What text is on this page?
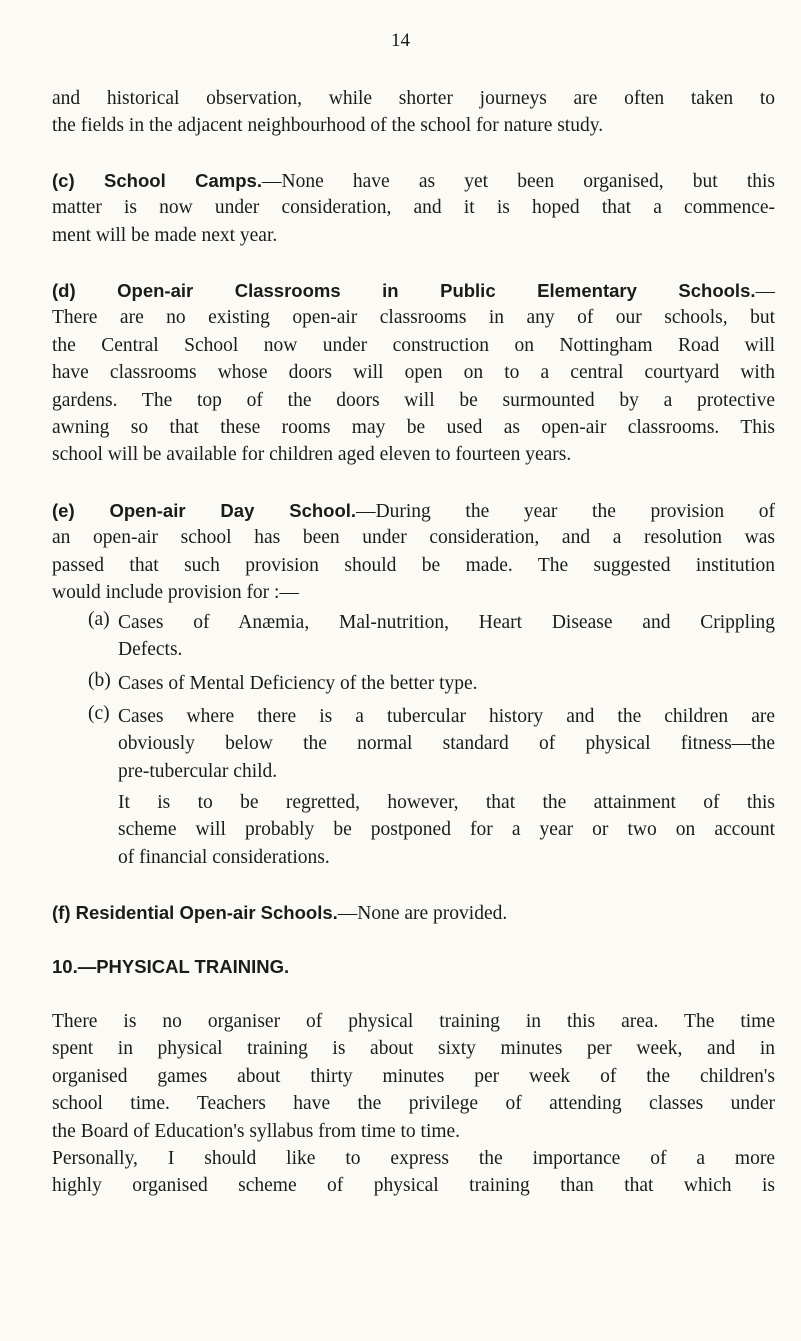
14
and historical observation, while shorter journeys are often taken to
the fields in the adjacent neighbourhood of the school for nature study.
(c) School Camps.—None have as yet been organised, but this
matter is now under consideration, and it is hoped that a commence-
ment will be made next year.
(d) Open-air Classrooms in Public Elementary Schools.—
There are no existing open-air classrooms in any of our schools, but
the Central School now under construction on Nottingham Road will
have classrooms whose doors will open on to a central courtyard with
gardens. The top of the doors will be surmounted by a protective
awning so that these rooms may be used as open-air classrooms. This
school will be available for children aged eleven to fourteen years.
(e) Open-air Day School.—During the year the provision of
an open-air school has been under consideration, and a resolution was
passed that such provision should be made. The suggested institution
would include provision for :—
(a) Cases of Anæmia, Mal-nutrition, Heart Disease and Crippling
Defects.
(b) Cases of Mental Deficiency of the better type.
(c) Cases where there is a tubercular history and the children are
obviously below the normal standard of physical fitness—the
pre-tubercular child.
It is to be regretted, however, that the attainment of this
scheme will probably be postponed for a year or two on account
of financial considerations.
(f) Residential Open-air Schools.—None are provided.
10.—PHYSICAL TRAINING.
There is no organiser of physical training in this area. The time
spent in physical training is about sixty minutes per week, and in
organised games about thirty minutes per week of the children's
school time. Teachers have the privilege of attending classes under
the Board of Education's syllabus from time to time.
Personally, I should like to express the importance of a more
highly organised scheme of physical training than that which is
